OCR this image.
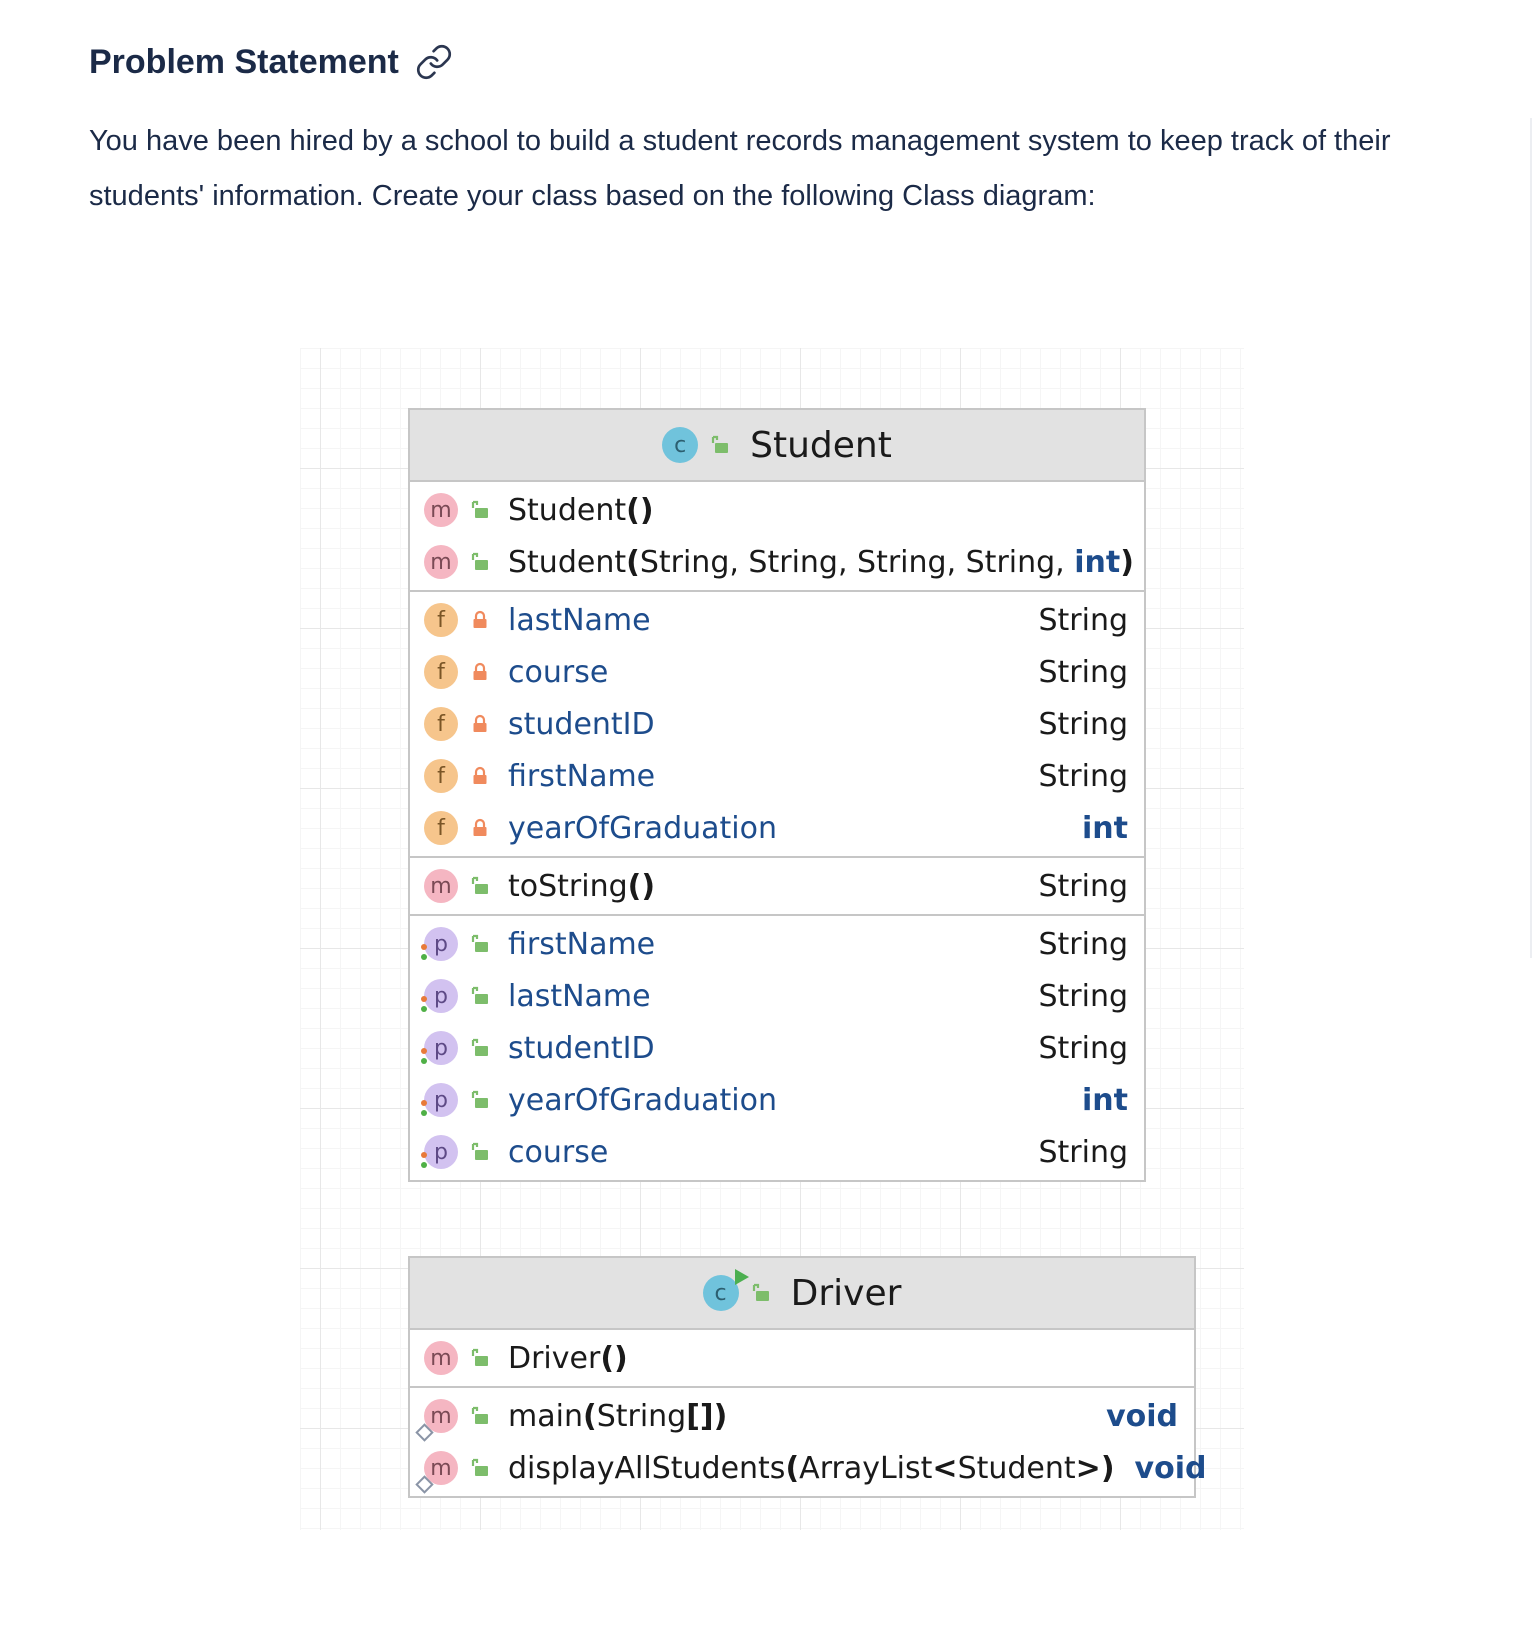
Problem Statement

You have been hired by a school to build a student records management system to keep track of their students' information. Create your class based on the following Class diagram:

c Student
m Student ( )
m Student ( String, String, String, String, int )
f lastName	String
f course	String
f studentID	String
f firstName	String
f yearOfGraduation	int
m toString ( )	String
p firstName	String
p lastName	String
p studentID	String
p yearOfGraduation	int
p course	String
c Driver
m Driver ( )
m main ( String [] )	void
m displayAllStudents ( ArrayList < Student > ) void
